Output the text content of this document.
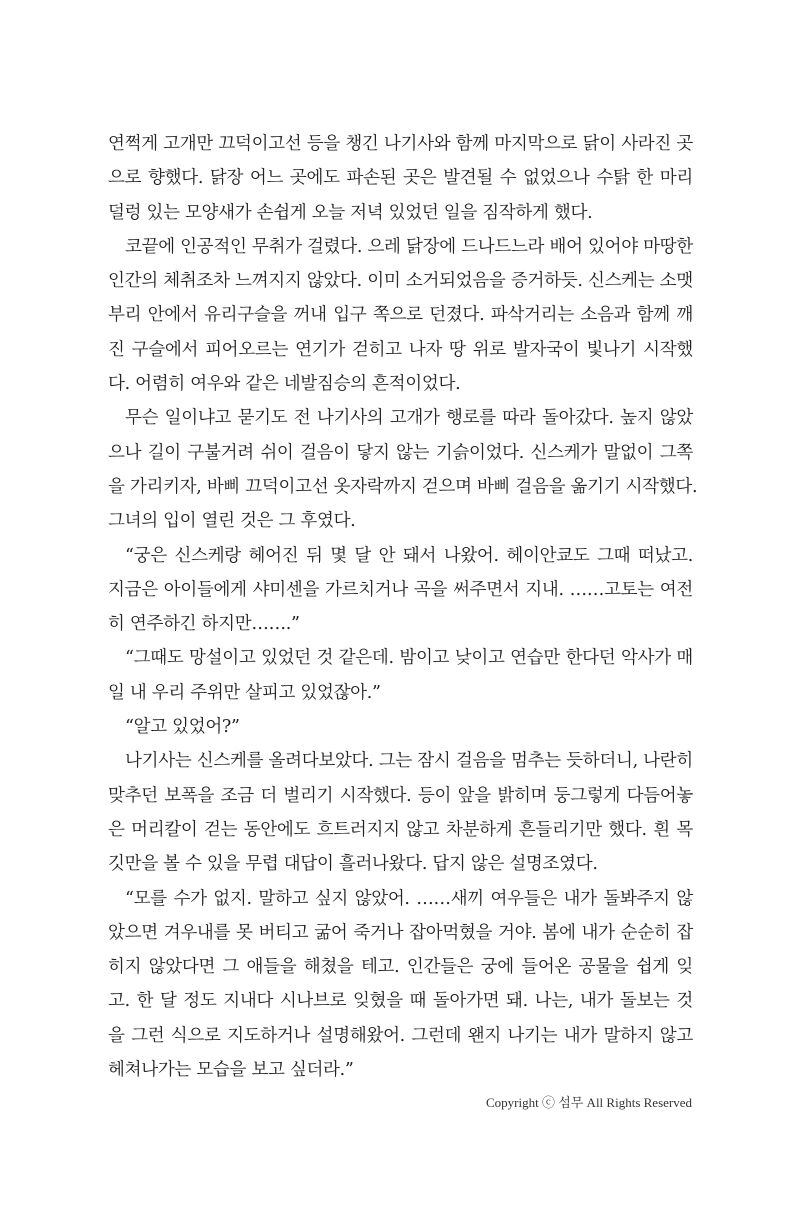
연쩍게 고개만 끄덕이고선 등을 챙긴 나기사와 함께 마지막으로 닭이 사라진 곳
으로 향했다. 닭장 어느 곳에도 파손된 곳은 발견될 수 없었으나 수탉 한 마리
덜렁 있는 모양새가 손쉽게 오늘 저녁 있었던 일을 짐작하게 했다.
코끝에 인공적인 무취가 걸렸다. 으레 닭장에 드나드느라 배어 있어야 마땅한
인간의 체취조차 느껴지지 않았다. 이미 소거되었음을 증거하듯. 신스케는 소맷
부리 안에서 유리구슬을 꺼내 입구 쪽으로 던졌다. 파삭거리는 소음과 함께 깨
진 구슬에서 피어오르는 연기가 걷히고 나자 땅 위로 발자국이 빛나기 시작했
다. 어렴히 여우와 같은 네발짐승의 흔적이었다.
무슨 일이냐고 묻기도 전 나기사의 고개가 행로를 따라 돌아갔다. 높지 않았
으나 길이 구불거려 쉬이 걸음이 닿지 않는 기슭이었다. 신스케가 말없이 그쪽
을 가리키자, 바삐 끄덕이고선 옷자락까지 걷으며 바삐 걸음을 옮기기 시작했다.
그녀의 입이 열린 것은 그 후였다.
“궁은 신스케랑 헤어진 뒤 몇 달 안 돼서 나왔어. 헤이안쿄도 그때 떠났고.
지금은 아이들에게 샤미센을 가르치거나 곡을 써주면서 지내. ……고토는 여전
히 연주하긴 하지만…….”
“그때도 망설이고 있었던 것 같은데. 밤이고 낮이고 연습만 한다던 악사가 매
일 내 우리 주위만 살피고 있었잖아.”
“알고 있었어?”
나기사는 신스케를 올려다보았다. 그는 잠시 걸음을 멈추는 듯하더니, 나란히
맞추던 보폭을 조금 더 벌리기 시작했다. 등이 앞을 밝히며 둥그렇게 다듬어놓
은 머리칼이 걷는 동안에도 흐트러지지 않고 차분하게 흔들리기만 했다. 흰 목
깃만을 볼 수 있을 무렵 대답이 흘러나왔다. 답지 않은 설명조였다.
“모를 수가 없지. 말하고 싶지 않았어. ……새끼 여우들은 내가 돌봐주지 않
았으면 겨우내를 못 버티고 굶어 죽거나 잡아먹혔을 거야. 봄에 내가 순순히 잡
히지 않았다면 그 애들을 해쳤을 테고. 인간들은 궁에 들어온 공물을 쉽게 잊
고. 한 달 정도 지내다 시나브로 잊혔을 때 돌아가면 돼. 나는, 내가 돌보는 것
을 그런 식으로 지도하거나 설명해왔어. 그런데 왠지 나기는 내가 말하지 않고
헤쳐나가는 모습을 보고 싶더라.”
Copyright ⓒ 섬무 All Rights Reserved
